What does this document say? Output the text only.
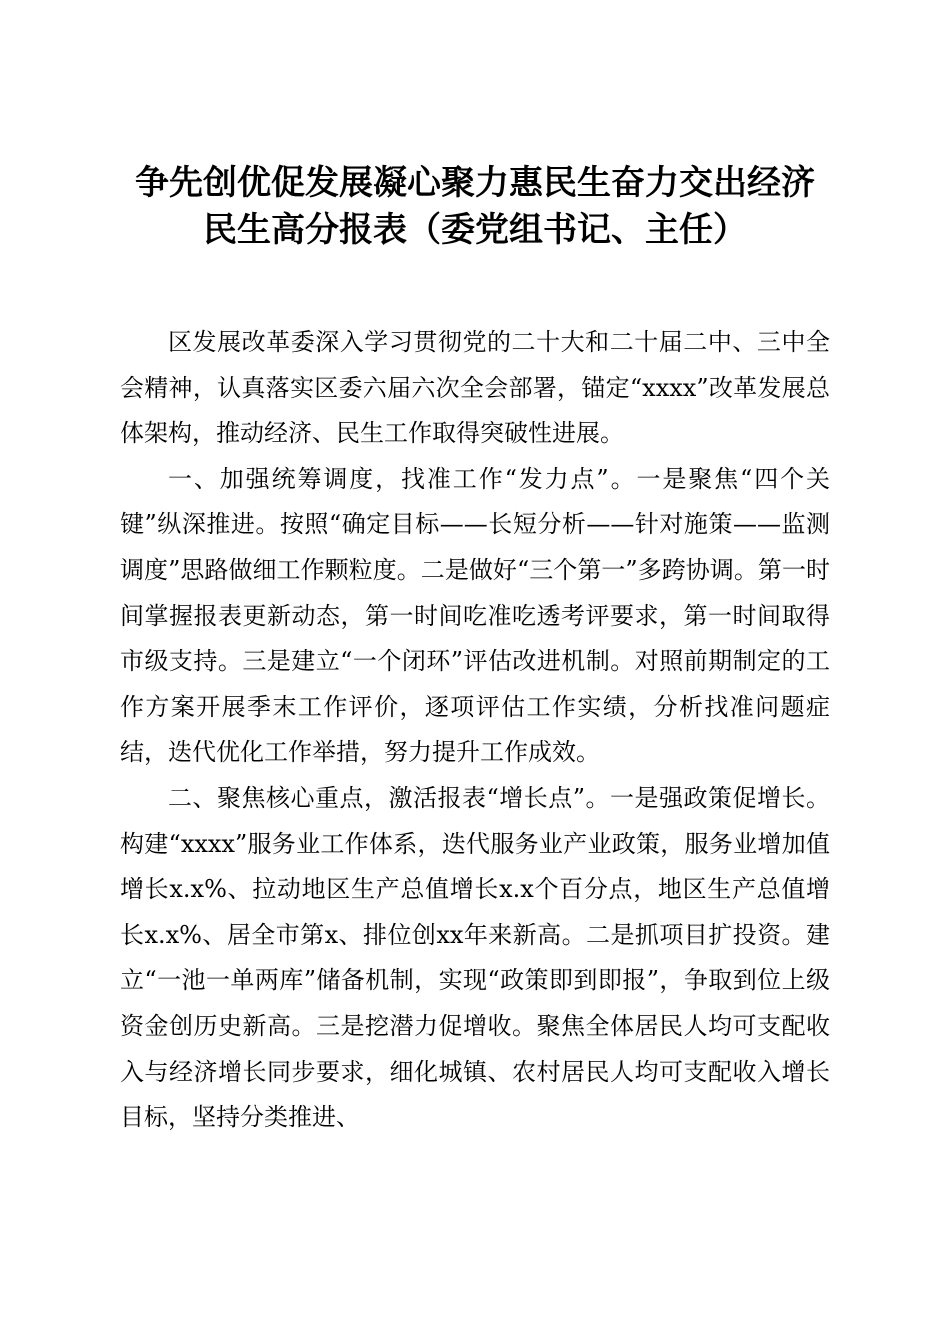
争先创优促发展凝心聚力惠民生奋力交出经济
民生高分报表（委党组书记、主任）

区发展改革委深入学习贯彻党的二十大和二十届二中、三中全会精神，认真落实区委六届六次全会部署，锚定“xxxx”改革发展总体架构，推动经济、民生工作取得突破性进展。

一、加强统筹调度，找准工作“发力点”。一是聚焦“四个关键”纵深推进。按照“确定目标——长短分析——针对施策——监测调度”思路做细工作颗粒度。二是做好“三个第一”多跨协调。第一时间掌握报表更新动态，第一时间吃准吃透考评要求，第一时间取得市级支持。三是建立“一个闭环”评估改进机制。对照前期制定的工作方案开展季末工作评价，逐项评估工作实绩，分析找准问题症结，迭代优化工作举措，努力提升工作成效。

二、聚焦核心重点，激活报表“增长点”。一是强政策促增长。构建“xxxx”服务业工作体系，迭代服务业产业政策，服务业增加值增长x.x%、拉动地区生产总值增长x.x个百分点，地区生产总值增长x.x%、居全市第x、排位创xx年来新高。二是抓项目扩投资。建立“一池一单两库”储备机制，实现“政策即到即报”，争取到位上级资金创历史新高。三是挖潜力促增收。聚焦全体居民人均可支配收入与经济增长同步要求，细化城镇、农村居民人均可支配收入增长目标，坚持分类推进、
